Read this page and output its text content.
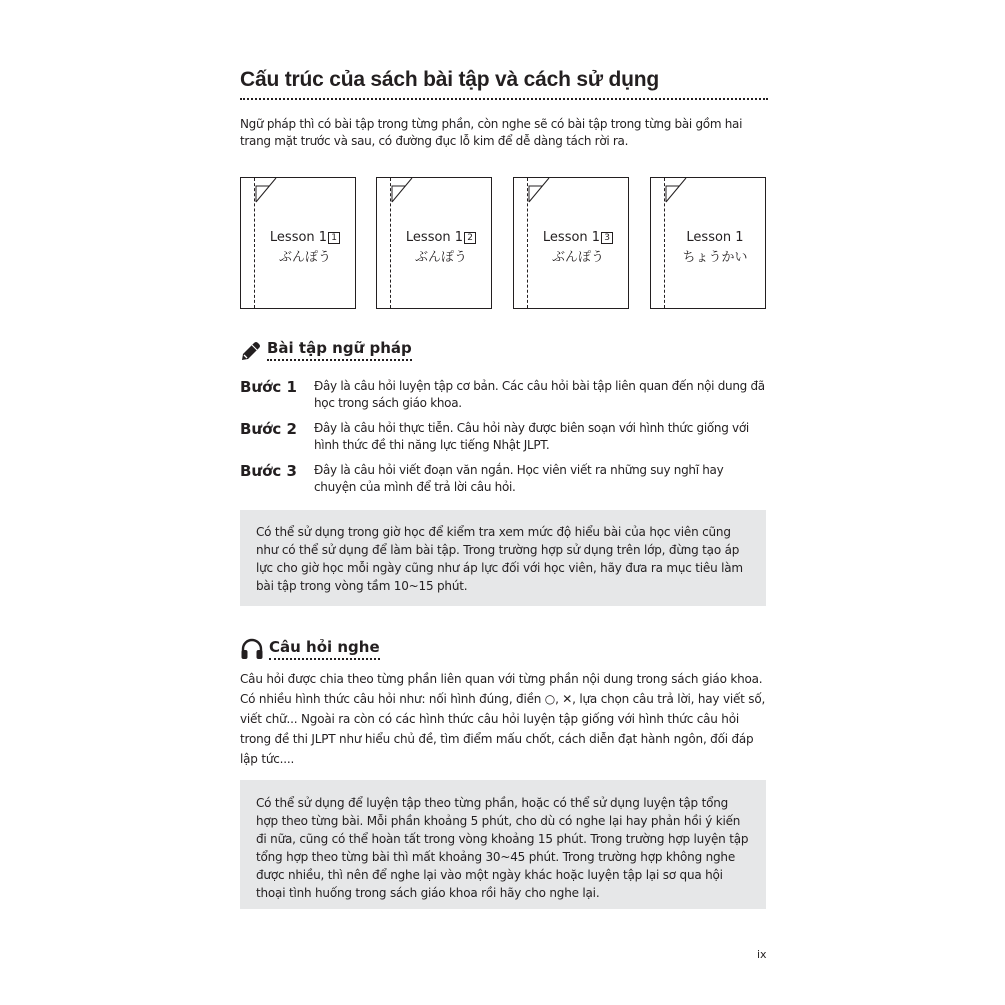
Cấu trúc của sách bài tập và cách sử dụng
Ngữ pháp thì có bài tập trong từng phần, còn nghe sẽ có bài tập trong từng bài gồm hai trang mặt trước và sau, có đường đục lỗ kim để dễ dàng tách rời ra.
Lesson 1 1
ぶんぽう
Lesson 1 2
ぶんぽう
Lesson 1 3
ぶんぽう
Lesson 1
ちょうかい
Bài tập ngữ pháp
Bước 1	Đây là câu hỏi luyện tập cơ bản. Các câu hỏi bài tập liên quan đến nội dung đã học trong sách giáo khoa.
Bước 2	Đây là câu hỏi thực tiễn. Câu hỏi này được biên soạn với hình thức giống với hình thức đề thi năng lực tiếng Nhật JLPT.
Bước 3	Đây là câu hỏi viết đoạn văn ngắn. Học viên viết ra những suy nghĩ hay chuyện của mình để trả lời câu hỏi.
Có thể sử dụng trong giờ học để kiểm tra xem mức độ hiểu bài của học viên cũng như có thể sử dụng để làm bài tập. Trong trường hợp sử dụng trên lớp, đừng tạo áp lực cho giờ học mỗi ngày cũng như áp lực đối với học viên, hãy đưa ra mục tiêu làm bài tập trong vòng tầm 10~15 phút.
Câu hỏi nghe
Câu hỏi được chia theo từng phần liên quan với từng phần nội dung trong sách giáo khoa. Có nhiều hình thức câu hỏi như: nối hình đúng, điền ○, ✕, lựa chọn câu trả lời, hay viết số, viết chữ... Ngoài ra còn có các hình thức câu hỏi luyện tập giống với hình thức câu hỏi trong đề thi JLPT như hiểu chủ đề, tìm điểm mấu chốt, cách diễn đạt hành ngôn, đối đáp lập tức....
Có thể sử dụng để luyện tập theo từng phần, hoặc có thể sử dụng luyện tập tổng hợp theo từng bài. Mỗi phần khoảng 5 phút, cho dù có nghe lại hay phản hồi ý kiến đi nữa, cũng có thể hoàn tất trong vòng khoảng 15 phút. Trong trường hợp luyện tập tổng hợp theo từng bài thì mất khoảng 30~45 phút. Trong trường hợp không nghe được nhiều, thì nên để nghe lại vào một ngày khác hoặc luyện tập lại sơ qua hội thoại tình huống trong sách giáo khoa rồi hãy cho nghe lại.
ix
